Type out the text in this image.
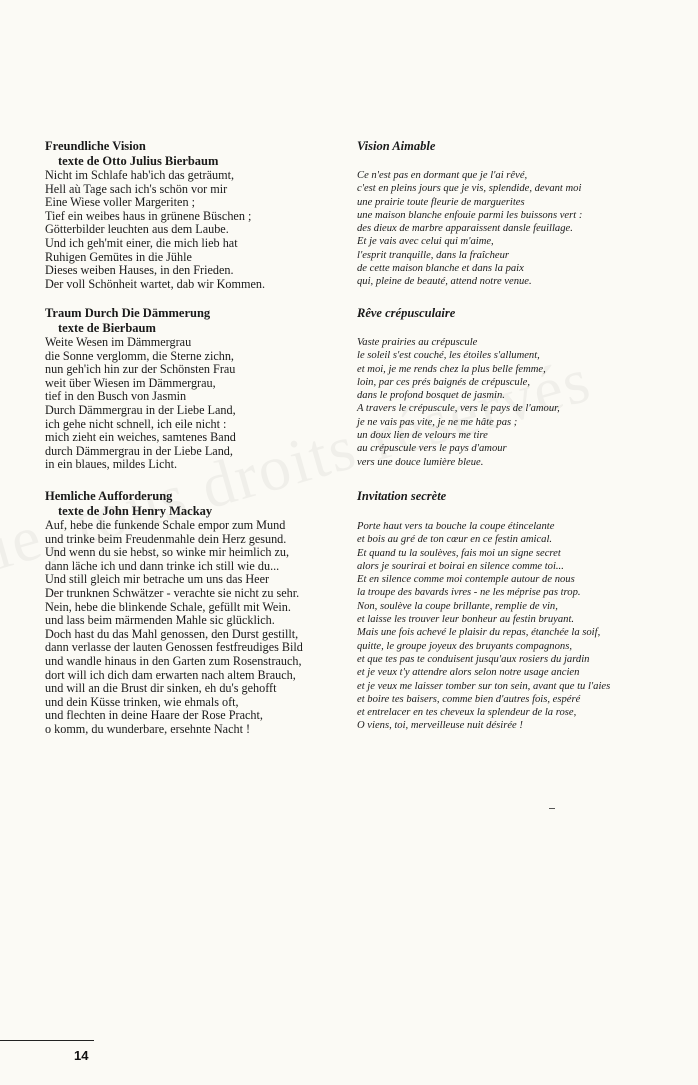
Freundliche Vision
texte de Otto Julius Bierbaum
Nicht im Schlafe hab'ich das geträumt,
Hell aù Tage sach ich's schön vor mir
Eine Wiese voller Margeriten ;
Tief ein weibes haus in grünene Büschen ;
Götterbilder leuchten aus dem Laube.
Und ich geh'mit einer, die mich lieb hat
Ruhigen Gemütes in die Jühle
Dieses weiben Hauses, in den Frieden.
Der voll Schönheit wartet, dab wir Kommen.
Traum Durch Die Dämmerung
texte de Bierbaum
Weite Wesen im Dämmergrau
die Sonne verglomm, die Sterne zichn,
nun geh'ich hin zur der Schönsten Frau
weit über Wiesen im Dämmergrau,
tief in den Busch von Jasmin
Durch Dämmergrau in der Liebe Land,
ich gehe nicht schnell, ich eile nicht :
mich zieht ein weiches, samtenes Band
durch Dämmergrau in der Liebe Land,
in ein blaues, mildes Licht.
Hemliche Aufforderung
texte de John Henry Mackay
Auf, hebe die funkende Schale empor zum Mund
und trinke beim Freudenmahle dein Herz gesund.
Und wenn du sie hebst, so winke mir heimlich zu,
dann läche ich und dann trinke ich still wie du...
Und still gleich mir betrache um uns das Heer
Der trunknen Schwätzer - verachte sie nicht zu sehr.
Nein, hebe die blinkende Schale, gefüllt mit Wein.
und lass beim märmenden Mahle sic glücklich.
Doch hast du das Mahl genossen, den Durst gestillt,
dann verlasse der lauten Genossen festfreudiges Bild
und wandle hinaus in den Garten zum Rosenstrauch,
dort will ich dich dam erwarten nach altem Brauch,
und will an die Brust dir sinken, eh du's gehofft
und dein Küsse trinken, wie ehmals oft,
und flechten in deine Haare der Rose Pracht,
o komm, du wunderbare, ersehnte Nacht !
Vision Aimable
Ce n'est pas en dormant que je l'ai rêvé,
c'est en pleins jours que je vis, splendide, devant moi
une prairie toute fleurie de marguerites
une maison blanche enfouie parmi les buissons vert :
des dieux de marbre apparaissent dansle feuillage.
Et je vais avec celui qui m'aime,
l'esprit tranquille, dans la fraîcheur
de cette maison blanche et dans la paix
qui, pleine de beauté, attend notre venue.
Rêve crépusculaire
Vaste prairies au crépuscule
le soleil s'est couché, les étoiles s'allument,
et moi, je me rends chez la plus belle femme,
loin, par ces prés baignés de crépuscule,
dans le profond bosquet de jasmin.
A travers le crépuscule, vers le pays de l'amour,
je ne vais pas vite, je ne me hâte pas ;
un doux lien de velours me tire
au crépuscule vers le pays d'amour
vers une douce lumière bleue.
Invitation secrète
Porte haut vers ta bouche la coupe étincelante
et bois au gré de ton cœur en ce festin amical.
Et quand tu la soulèves, fais moi un signe secret
alors je sourirai et boirai en silence comme toi...
Et en silence comme moi contemple autour de nous
la troupe des bavards ivres - ne les méprise pas trop.
Non, soulève la coupe brillante, remplie de vin,
et laisse les trouver leur bonheur au festin bruyant.
Mais une fois achevé le plaisir du repas, étanchée la soif,
quitte, le groupe joyeux des bruyants compagnons,
et que tes pas te conduisent jusqu'aux rosiers du jardin
et je veux t'y attendre alors selon notre usage ancien
et je veux me laisser tomber sur ton sein, avant que tu l'aies
et boire tes baisers, comme bien d'autres fois, espéré
et entrelacer en tes cheveux la splendeur de la rose,
O viens, toi, merveilleuse nuit désirée !
14
